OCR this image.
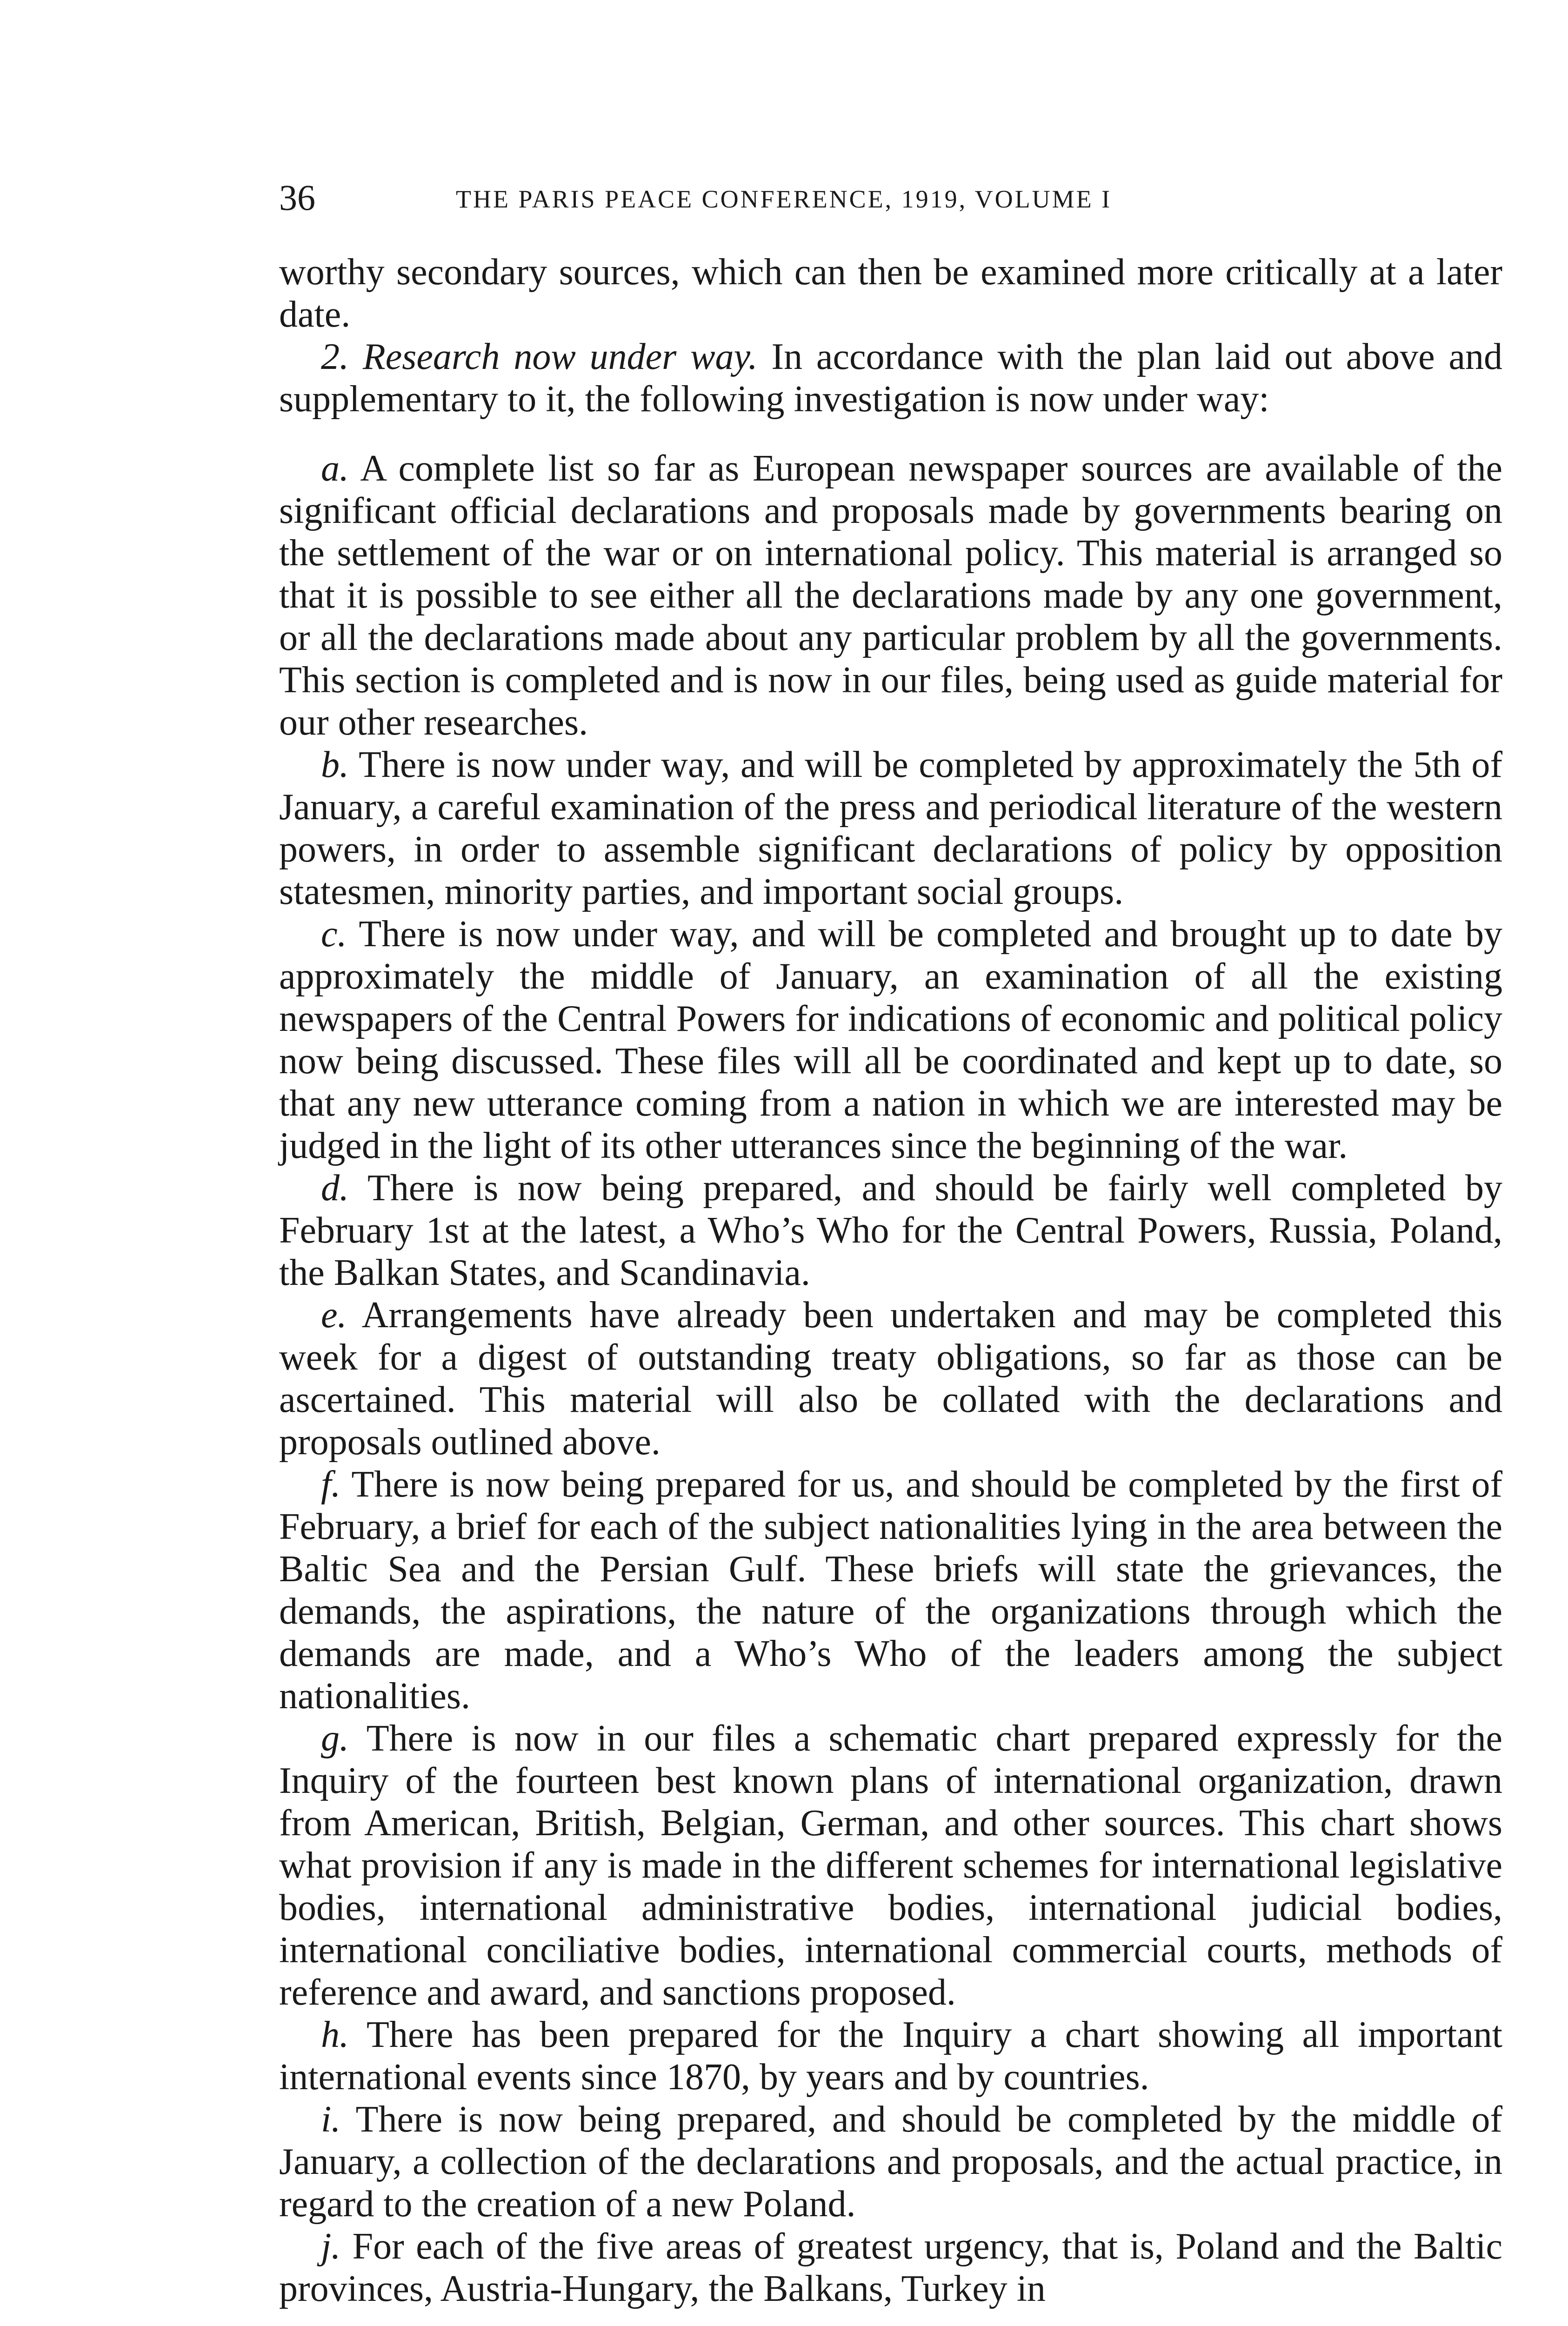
36	THE PARIS PEACE CONFERENCE, 1919, VOLUME I

worthy secondary sources, which can then be examined more critically at a later date.

2. Research now under way. In accordance with the plan laid out above and supplementary to it, the following investigation is now under way:

a. A complete list so far as European newspaper sources are available of the significant official declarations and proposals made by governments bearing on the settlement of the war or on international policy. This material is arranged so that it is possible to see either all the declarations made by any one government, or all the declarations made about any particular problem by all the governments. This section is completed and is now in our files, being used as guide material for our other researches.

b. There is now under way, and will be completed by approximately the 5th of January, a careful examination of the press and periodical literature of the western powers, in order to assemble significant declarations of policy by opposition statesmen, minority parties, and important social groups.

c. There is now under way, and will be completed and brought up to date by approximately the middle of January, an examination of all the existing newspapers of the Central Powers for indications of economic and political policy now being discussed. These files will all be coordinated and kept up to date, so that any new utterance coming from a nation in which we are interested may be judged in the light of its other utterances since the beginning of the war.

d. There is now being prepared, and should be fairly well completed by February 1st at the latest, a Who’s Who for the Central Powers, Russia, Poland, the Balkan States, and Scandinavia.

e. Arrangements have already been undertaken and may be completed this week for a digest of outstanding treaty obligations, so far as those can be ascertained. This material will also be collated with the declarations and proposals outlined above.

f. There is now being prepared for us, and should be completed by the first of February, a brief for each of the subject nationalities lying in the area between the Baltic Sea and the Persian Gulf. These briefs will state the grievances, the demands, the aspirations, the nature of the organizations through which the demands are made, and a Who’s Who of the leaders among the subject nationalities.

g. There is now in our files a schematic chart prepared expressly for the Inquiry of the fourteen best known plans of international organization, drawn from American, British, Belgian, German, and other sources. This chart shows what provision if any is made in the different schemes for international legislative bodies, international administrative bodies, international judicial bodies, international conciliative bodies, international commercial courts, methods of reference and award, and sanctions proposed.

h. There has been prepared for the Inquiry a chart showing all important international events since 1870, by years and by countries.

i. There is now being prepared, and should be completed by the middle of January, a collection of the declarations and proposals, and the actual practice, in regard to the creation of a new Poland.

j. For each of the five areas of greatest urgency, that is, Poland and the Baltic provinces, Austria-Hungary, the Balkans, Turkey in
